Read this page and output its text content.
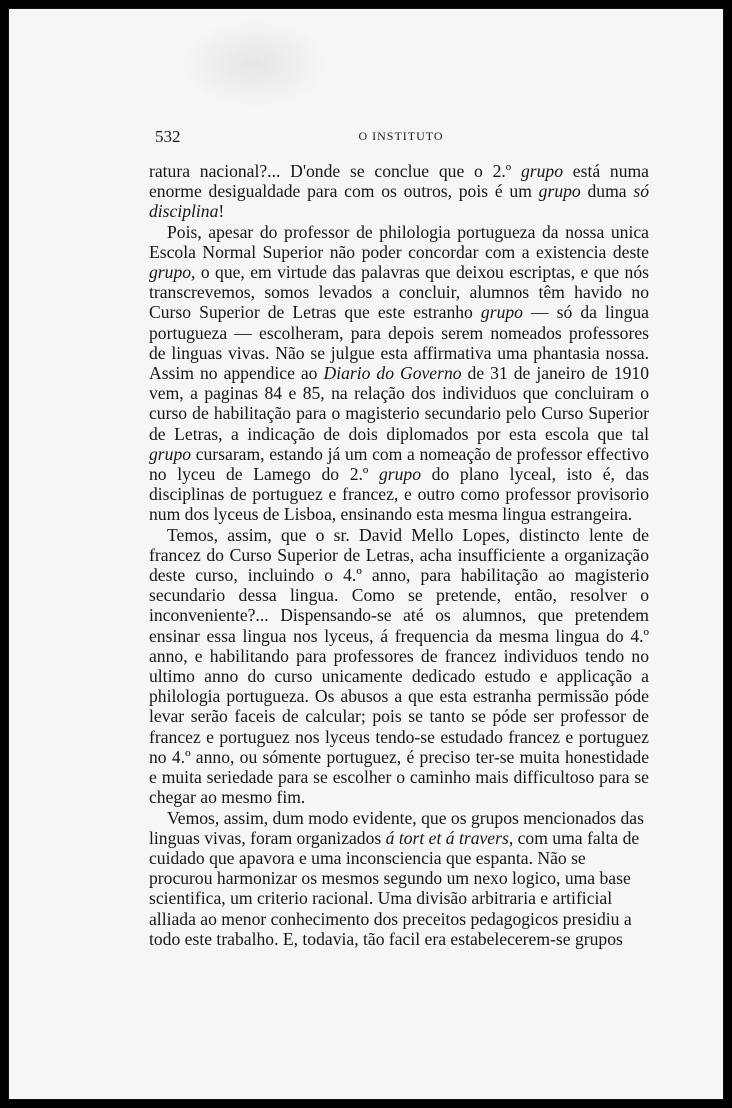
532	O INSTITUTO

ratura nacional?... D'onde se conclue que o 2.º grupo está numa enorme desigualdade para com os outros, pois é um grupo duma só disciplina!

Pois, apesar do professor de philologia portugueza da nossa unica Escola Normal Superior não poder concordar com a existencia deste grupo, o que, em virtude das palavras que deixou escriptas, e que nós transcrevemos, somos levados a concluir, alumnos têm havido no Curso Superior de Letras que este estranho grupo — só da lingua portugueza — escolheram, para depois serem nomeados professores de linguas vivas. Não se julgue esta affirmativa uma phantasia nossa. Assim no appendice ao Diario do Governo de 31 de janeiro de 1910 vem, a paginas 84 e 85, na relação dos individuos que concluiram o curso de habilitação para o magisterio secundario pelo Curso Superior de Letras, a indicação de dois diplomados por esta escola que tal grupo cursaram, estando já um com a nomeação de professor effectivo no lyceu de Lamego do 2.º grupo do plano lyceal, isto é, das disciplinas de portuguez e francez, e outro como professor provisorio num dos lyceus de Lisboa, ensinando esta mesma lingua estrangeira.

Temos, assim, que o sr. David Mello Lopes, distincto lente de francez do Curso Superior de Letras, acha insufficiente a organização deste curso, incluindo o 4.º anno, para habilitação ao magisterio secundario dessa lingua. Como se pretende, então, resolver o inconveniente?... Dispensando-se até os alumnos, que pretendem ensinar essa lingua nos lyceus, á frequencia da mesma lingua do 4.º anno, e habilitando para professores de francez individuos tendo no ultimo anno do curso unicamente dedicado estudo e applicação a philologia portugueza. Os abusos a que esta estranha permissão póde levar serão faceis de calcular; pois se tanto se póde ser professor de francez e portuguez nos lyceus tendo-se estudado francez e portuguez no 4.º anno, ou sómente portuguez, é preciso ter-se muita honestidade e muita seriedade para se escolher o caminho mais difficultoso para se chegar ao mesmo fim.

Vemos, assim, dum modo evidente, que os grupos mencionados das linguas vivas, foram organizados á tort et á travers, com uma falta de cuidado que apavora e uma inconsciencia que espanta. Não se procurou harmonizar os mesmos segundo um nexo logico, uma base scientifica, um criterio racional. Uma divisão arbitraria e artificial alliada ao menor conhecimento dos preceitos pedagogicos presidiu a todo este trabalho. E, todavia, tão facil era estabelecerem-se grupos
